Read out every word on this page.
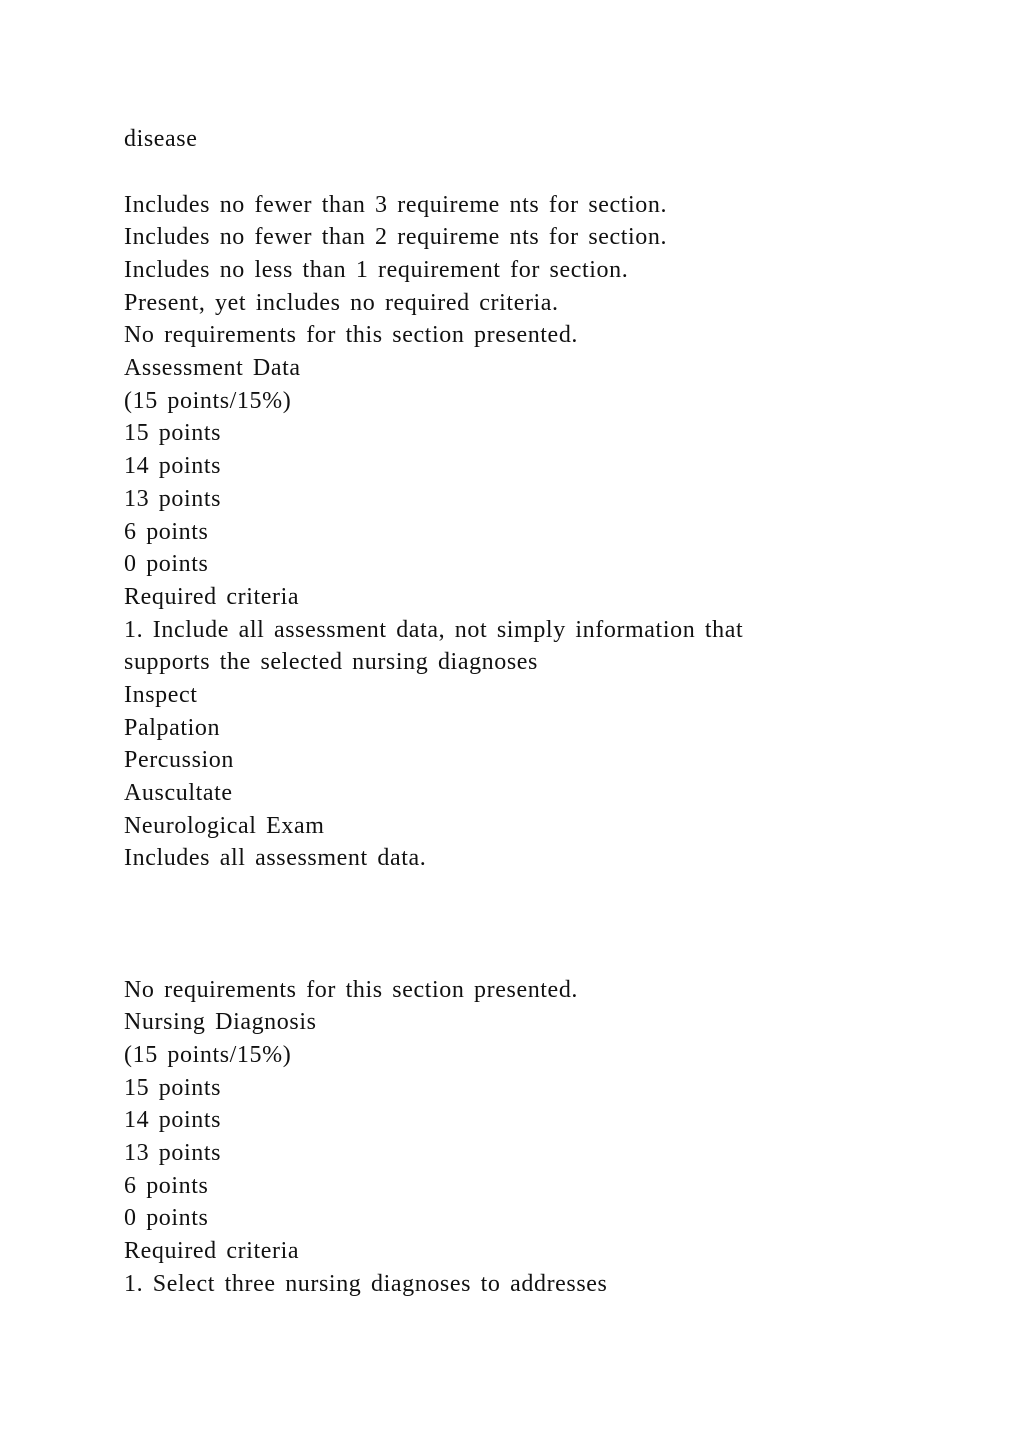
disease
Includes no fewer than 3 requireme nts for section.
Includes no fewer than 2 requireme nts for section.
Includes no less than 1 requirement for section.
Present, yet includes no required criteria.
No requirements for this section presented.
Assessment Data
(15 points/15%)
15 points
14 points
13 points
6 points
0 points
Required criteria
1. Include all assessment data, not simply information that
supports the selected nursing diagnoses
Inspect
Palpation
Percussion
Auscultate
Neurological Exam
Includes all assessment data.
No requirements for this section presented.
Nursing Diagnosis
(15 points/15%)
15 points
14 points
13 points
6 points
0 points
Required criteria
1. Select three nursing diagnoses to addresses
